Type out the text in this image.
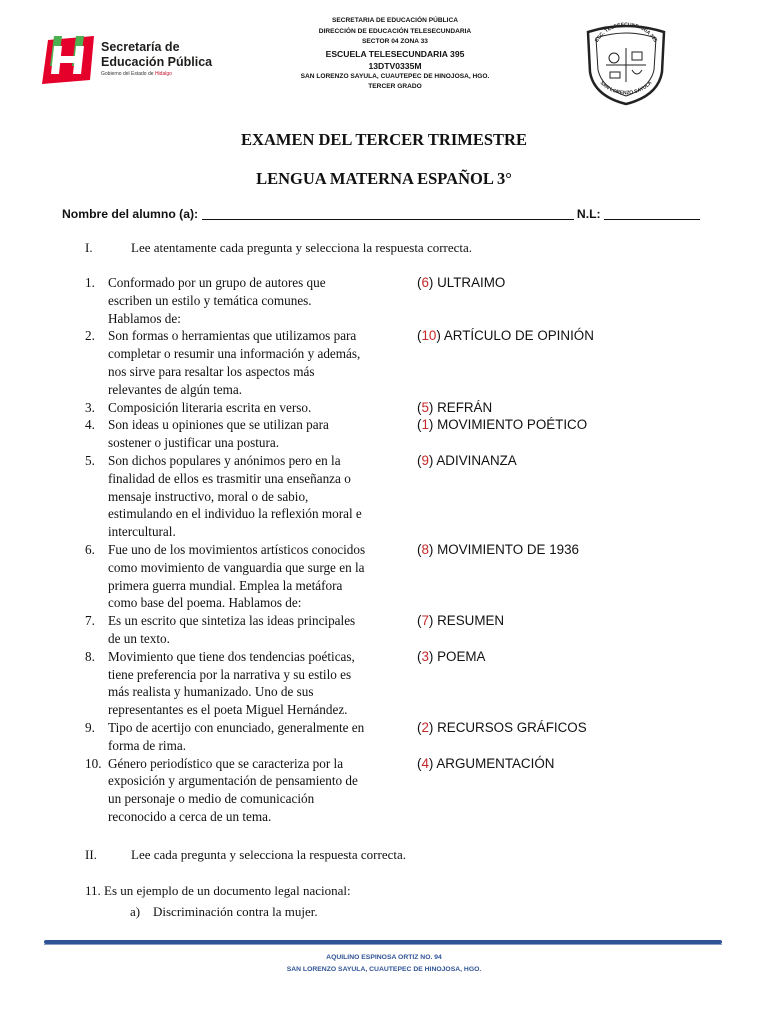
Secretaría de
Educación Pública
Gobierno del Estado de Hidalgo
SECRETARIA DE EDUCACIÓN PÚBLICA
DIRECCIÓN DE EDUCACIÓN TELESECUNDARIA
SECTOR 04 ZONA 33
ESCUELA TELESECUNDARIA 395
13DTV0335M
SAN LORENZO SAYULA, CUAUTEPEC DE HINOJOSA, HGO.
TERCER GRADO
ESC. TELESECUNDARIA 395
SAN LORENZO SAYULA
EXAMEN DEL TERCER TRIMESTRE
LENGUA MATERNA ESPAÑOL 3°
Nombre del alumno (a):	N.L:
I.	Lee atentamente cada pregunta y selecciona la respuesta correcta.
1. Conformado por un grupo de autores que
escriben un estilo y temática comunes.
Hablamos de:
(6) ULTRAIMO
2. Son formas o herramientas que utilizamos para
completar o resumir una información y además,
nos sirve para resaltar los aspectos más
relevantes de algún tema.
(10) ARTÍCULO DE OPINIÓN
3. Composición literaria escrita en verso.	(5) REFRÁN
4. Son ideas u opiniones que se utilizan para
sostener o justificar una postura.
(1) MOVIMIENTO POÉTICO
5. Son dichos populares y anónimos pero en la
finalidad de ellos es trasmitir una enseñanza o
mensaje instructivo, moral o de sabio,
estimulando en el individuo la reflexión moral e
intercultural.
(9) ADIVINANZA
6. Fue uno de los movimientos artísticos conocidos
como movimiento de vanguardia que surge en la
primera guerra mundial. Emplea la metáfora
como base del poema. Hablamos de:
(8) MOVIMIENTO DE 1936
7. Es un escrito que sintetiza las ideas principales
de un texto.
(7) RESUMEN
8. Movimiento que tiene dos tendencias poéticas,
tiene preferencia por la narrativa y su estilo es
más realista y humanizado. Uno de sus
representantes es el poeta Miguel Hernández.
(3) POEMA
9. Tipo de acertijo con enunciado, generalmente en
forma de rima.
(2) RECURSOS GRÁFICOS
10. Género periodístico que se caracteriza por la
exposición y argumentación de pensamiento de
un personaje o medio de comunicación
reconocido a cerca de un tema.
(4) ARGUMENTACIÓN
II.	Lee cada pregunta y selecciona la respuesta correcta.
11. Es un ejemplo de un documento legal nacional:
a) Discriminación contra la mujer.
AQUILINO ESPINOSA ORTIZ NO. 94
SAN LORENZO SAYULA, CUAUTEPEC DE HINOJOSA, HGO.
